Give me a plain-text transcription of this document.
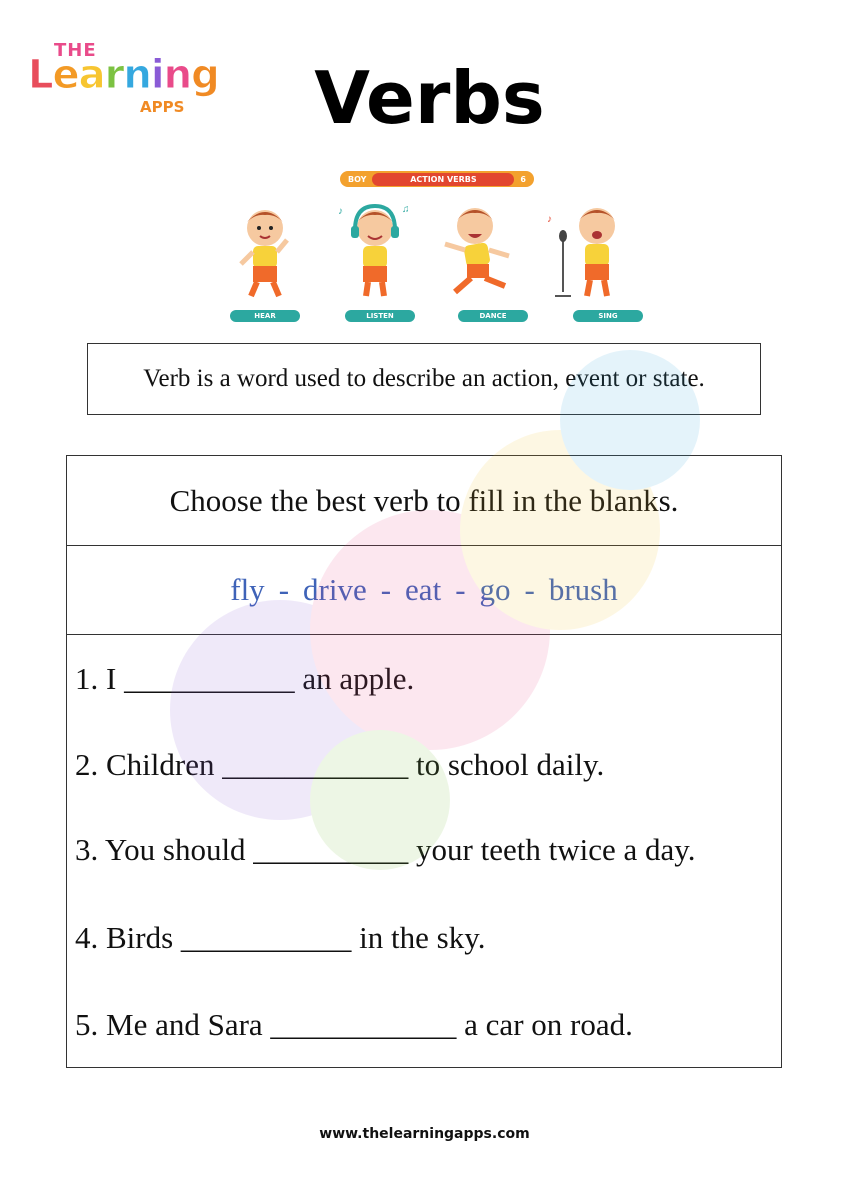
THE
Learning
APPS	Verbs
BOY	ACTION VERBS	6
♪	♫
♪
HEAR	LISTEN	DANCE	SING
Verb is a word used to describe an action, event or state.
Choose the best verb to fill in the blanks.
fly - drive - eat - go - brush
1. I ___________ an apple.
2. Children ____________ to school daily.
3. You should __________ your teeth twice a day.
4. Birds ___________ in the sky.
5. Me and Sara ____________ a car on road.
www.thelearningapps.com
